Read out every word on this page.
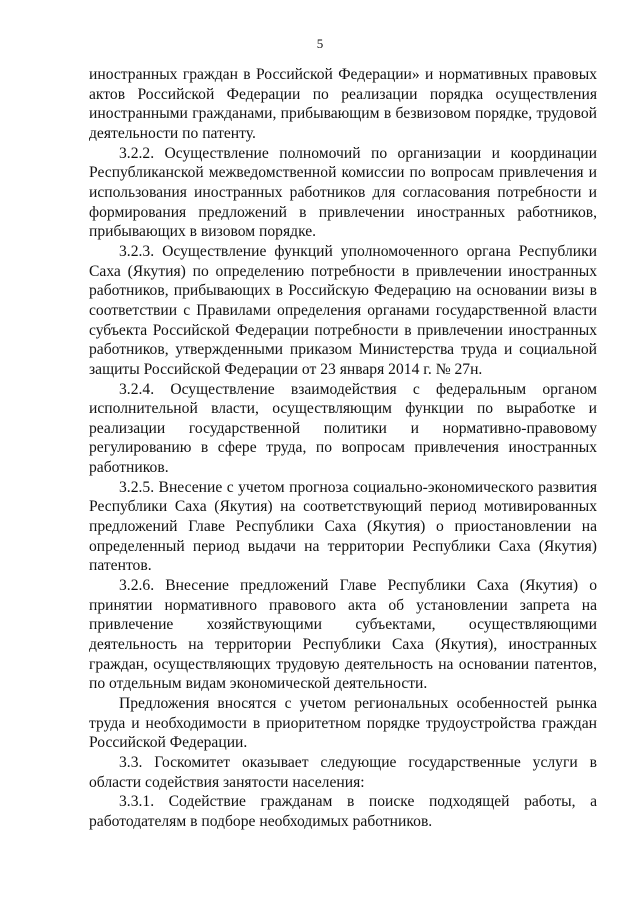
5

иностранных граждан в Российской Федерации» и нормативных правовых актов Российской Федерации по реализации порядка осуществления иностранными гражданами, прибывающим в безвизовом порядке, трудовой деятельности по патенту.

3.2.2. Осуществление полномочий по организации и координации Республиканской межведомственной комиссии по вопросам привлечения и использования иностранных работников для согласования потребности и формирования предложений в привлечении иностранных работников, прибывающих в визовом порядке.

3.2.3. Осуществление функций уполномоченного органа Республики Саха (Якутия) по определению потребности в привлечении иностранных работников, прибывающих в Российскую Федерацию на основании визы в соответствии с Правилами определения органами государственной власти субъекта Российской Федерации потребности в привлечении иностранных работников, утвержденными приказом Министерства труда и социальной защиты Российской Федерации от 23 января 2014 г. № 27н.

3.2.4. Осуществление взаимодействия с федеральным органом исполнительной власти, осуществляющим функции по выработке и реализации государственной политики и нормативно-правовому регулированию в сфере труда, по вопросам привлечения иностранных работников.

3.2.5. Внесение с учетом прогноза социально-экономического развития Республики Саха (Якутия) на соответствующий период мотивированных предложений Главе Республики Саха (Якутия) о приостановлении на определенный период выдачи на территории Республики Саха (Якутия) патентов.

3.2.6. Внесение предложений Главе Республики Саха (Якутия) о принятии нормативного правового акта об установлении запрета на привлечение хозяйствующими субъектами, осуществляющими деятельность на территории Республики Саха (Якутия), иностранных граждан, осуществляющих трудовую деятельность на основании патентов, по отдельным видам экономической деятельности.

Предложения вносятся с учетом региональных особенностей рынка труда и необходимости в приоритетном порядке трудоустройства граждан Российской Федерации.

3.3. Госкомитет оказывает следующие государственные услуги в области содействия занятости населения:

3.3.1. Содействие гражданам в поиске подходящей работы, а работодателям в подборе необходимых работников.
